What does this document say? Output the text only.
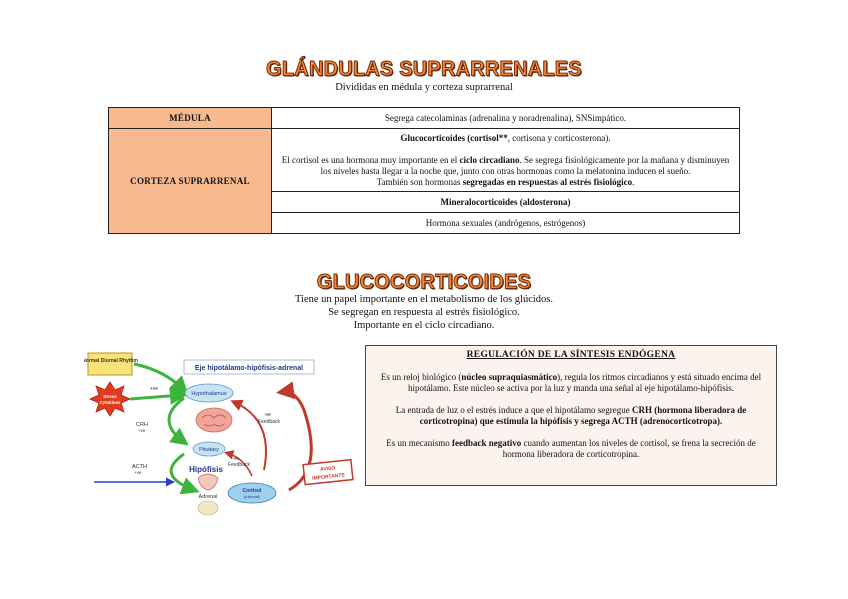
GLÁNDULAS SUPRARRENALES
Divididas en médula y corteza suprarrenal
MÉDULA	Segrega catecolaminas (adrenalina y noradrenalina), SNSimpático.
CORTEZA SUPRARRENAL	Glucocorticoides (cortisol**, cortisona y corticosterona).

El cortisol es una hormona muy importante en el ciclo circadiano. Se segrega fisiológicamente por la mañana y disminuyen los niveles hasta llegar a la noche que, junto con otras hormonas como la melatonina inducen el sueño.

También son hormonas segregadas en respuestas al estrés fisiológico.

	Mineralocorticoides (aldosterona)
	Hormona sexuales (andrógenos, estrógenos)
GLUCOCORTICOIDES
Tiene un papel importante en el metabolismo de los glúcidos.
Se segregan en respuesta al estrés fisiológico.
Importante en el ciclo circadiano.
Normal Diurnal Rhythm
Stress
Cytokines
Eje hipotálamo-hipófisis-adrenal
+ve
Hypothalamus
CRH
+ve
Pituitary
Hipófisis
-ve
Feedback
-ve
Feedback
ACTH
+ve
Adrenal
Cortisol
(internal)
AVISO
IMPORTANTE
REGULACIÓN DE LA SÍNTESIS ENDÓGENA

Es un reloj biológico (núcleo supraquiasmático), regula los ritmos circadianos y está situado encima del hipotálamo. Este núcleo se activa por la luz y manda una señal al eje hipotálamo-hipófisis.

La entrada de luz o el estrés induce a que el hipotálamo segregue CRH (hormona liberadora de corticotropina) que estimula la hipófisis y segrega ACTH (adrenocorticotropa).

Es un mecanismo feedback negativo cuando aumentan los niveles de cortisol, se frena la secreción de hormona liberadora de corticotropina.
